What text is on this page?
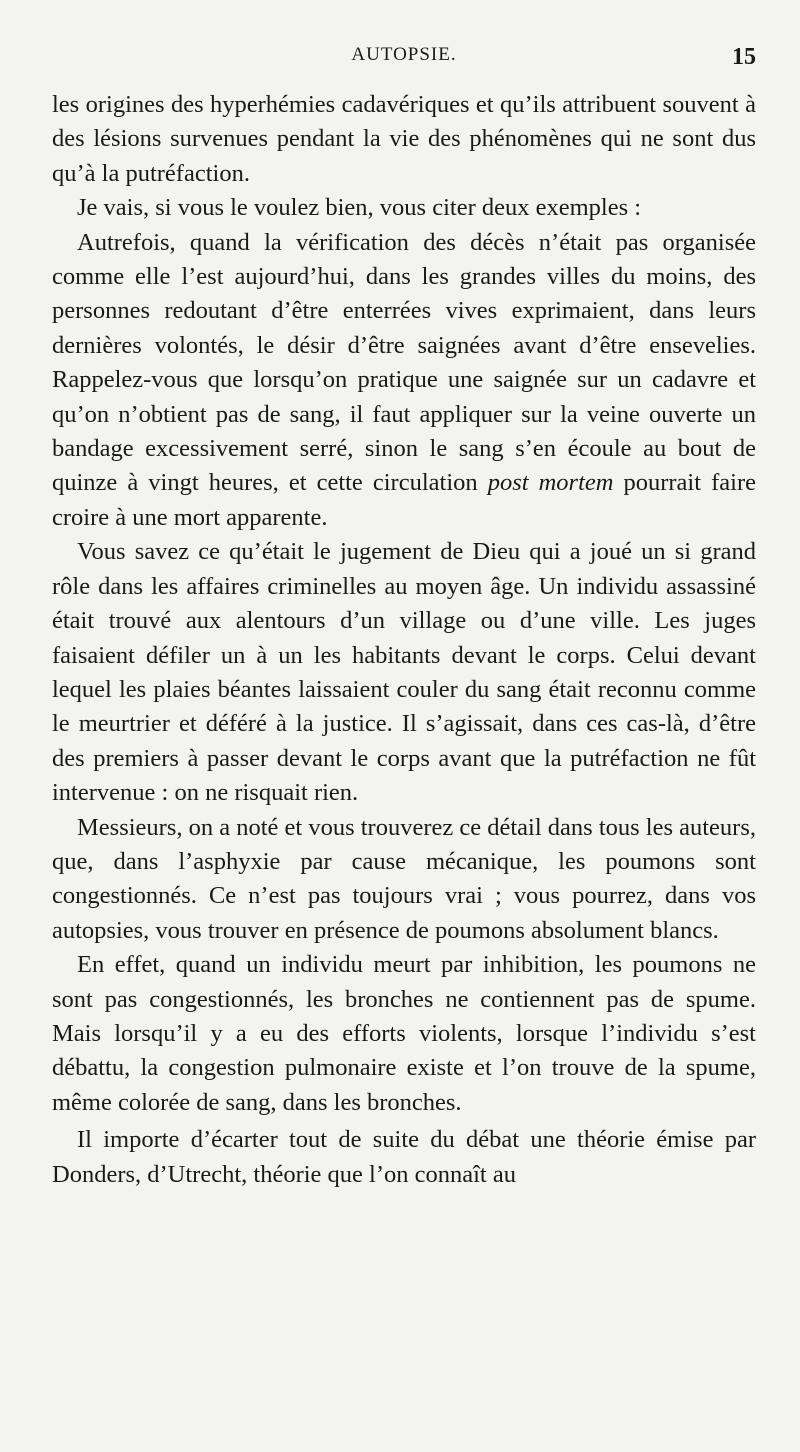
AUTOPSIE.	15

les origines des hyperhémies cadavériques et qu’ils attribuent souvent à des lésions survenues pendant la vie des phénomènes qui ne sont dus qu’à la putréfaction.

Je vais, si vous le voulez bien, vous citer deux exemples :

Autrefois, quand la vérification des décès n’était pas organisée comme elle l’est aujourd’hui, dans les grandes villes du moins, des personnes redoutant d’être enterrées vives exprimaient, dans leurs dernières volontés, le désir d’être saignées avant d’être ensevelies. Rappelez-vous que lorsqu’on pratique une saignée sur un cadavre et qu’on n’obtient pas de sang, il faut appliquer sur la veine ouverte un bandage excessivement serré, sinon le sang s’en écoule au bout de quinze à vingt heures, et cette circulation post mortem pourrait faire croire à une mort apparente.

Vous savez ce qu’était le jugement de Dieu qui a joué un si grand rôle dans les affaires criminelles au moyen âge. Un individu assassiné était trouvé aux alentours d’un village ou d’une ville. Les juges faisaient défiler un à un les habitants devant le corps. Celui devant lequel les plaies béantes laissaient couler du sang était reconnu comme le meurtrier et déféré à la justice. Il s’agissait, dans ces cas-là, d’être des premiers à passer devant le corps avant que la putréfaction ne fût intervenue : on ne risquait rien.

Messieurs, on a noté et vous trouverez ce détail dans tous les auteurs, que, dans l’asphyxie par cause mécanique, les poumons sont congestionnés. Ce n’est pas toujours vrai ; vous pourrez, dans vos autopsies, vous trouver en présence de poumons absolument blancs.

En effet, quand un individu meurt par inhibition, les poumons ne sont pas congestionnés, les bronches ne contiennent pas de spume. Mais lorsqu’il y a eu des efforts violents, lorsque l’individu s’est débattu, la congestion pulmonaire existe et l’on trouve de la spume, même colorée de sang, dans les bronches.

Il importe d’écarter tout de suite du débat une théorie émise par Donders, d’Utrecht, théorie que l’on connaît au
